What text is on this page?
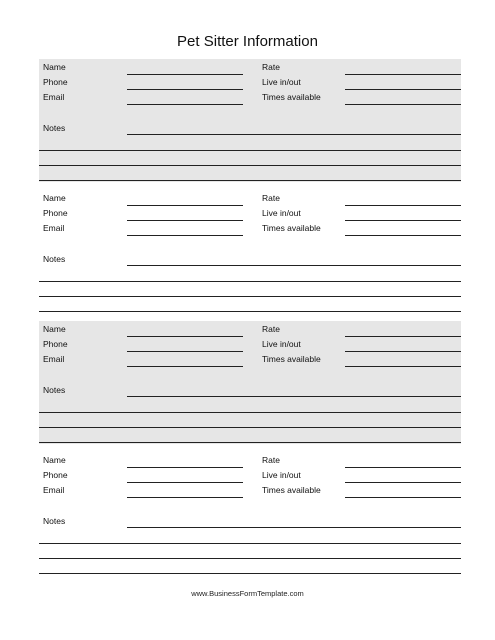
Pet Sitter Information
Name
Phone
Email
Rate
Live in/out
Times available
Notes
Name
Phone
Email
Rate
Live in/out
Times available
Notes
Name
Phone
Email
Rate
Live in/out
Times available
Notes
Name
Phone
Email
Rate
Live in/out
Times available
Notes
www.BusinessFormTemplate.com
